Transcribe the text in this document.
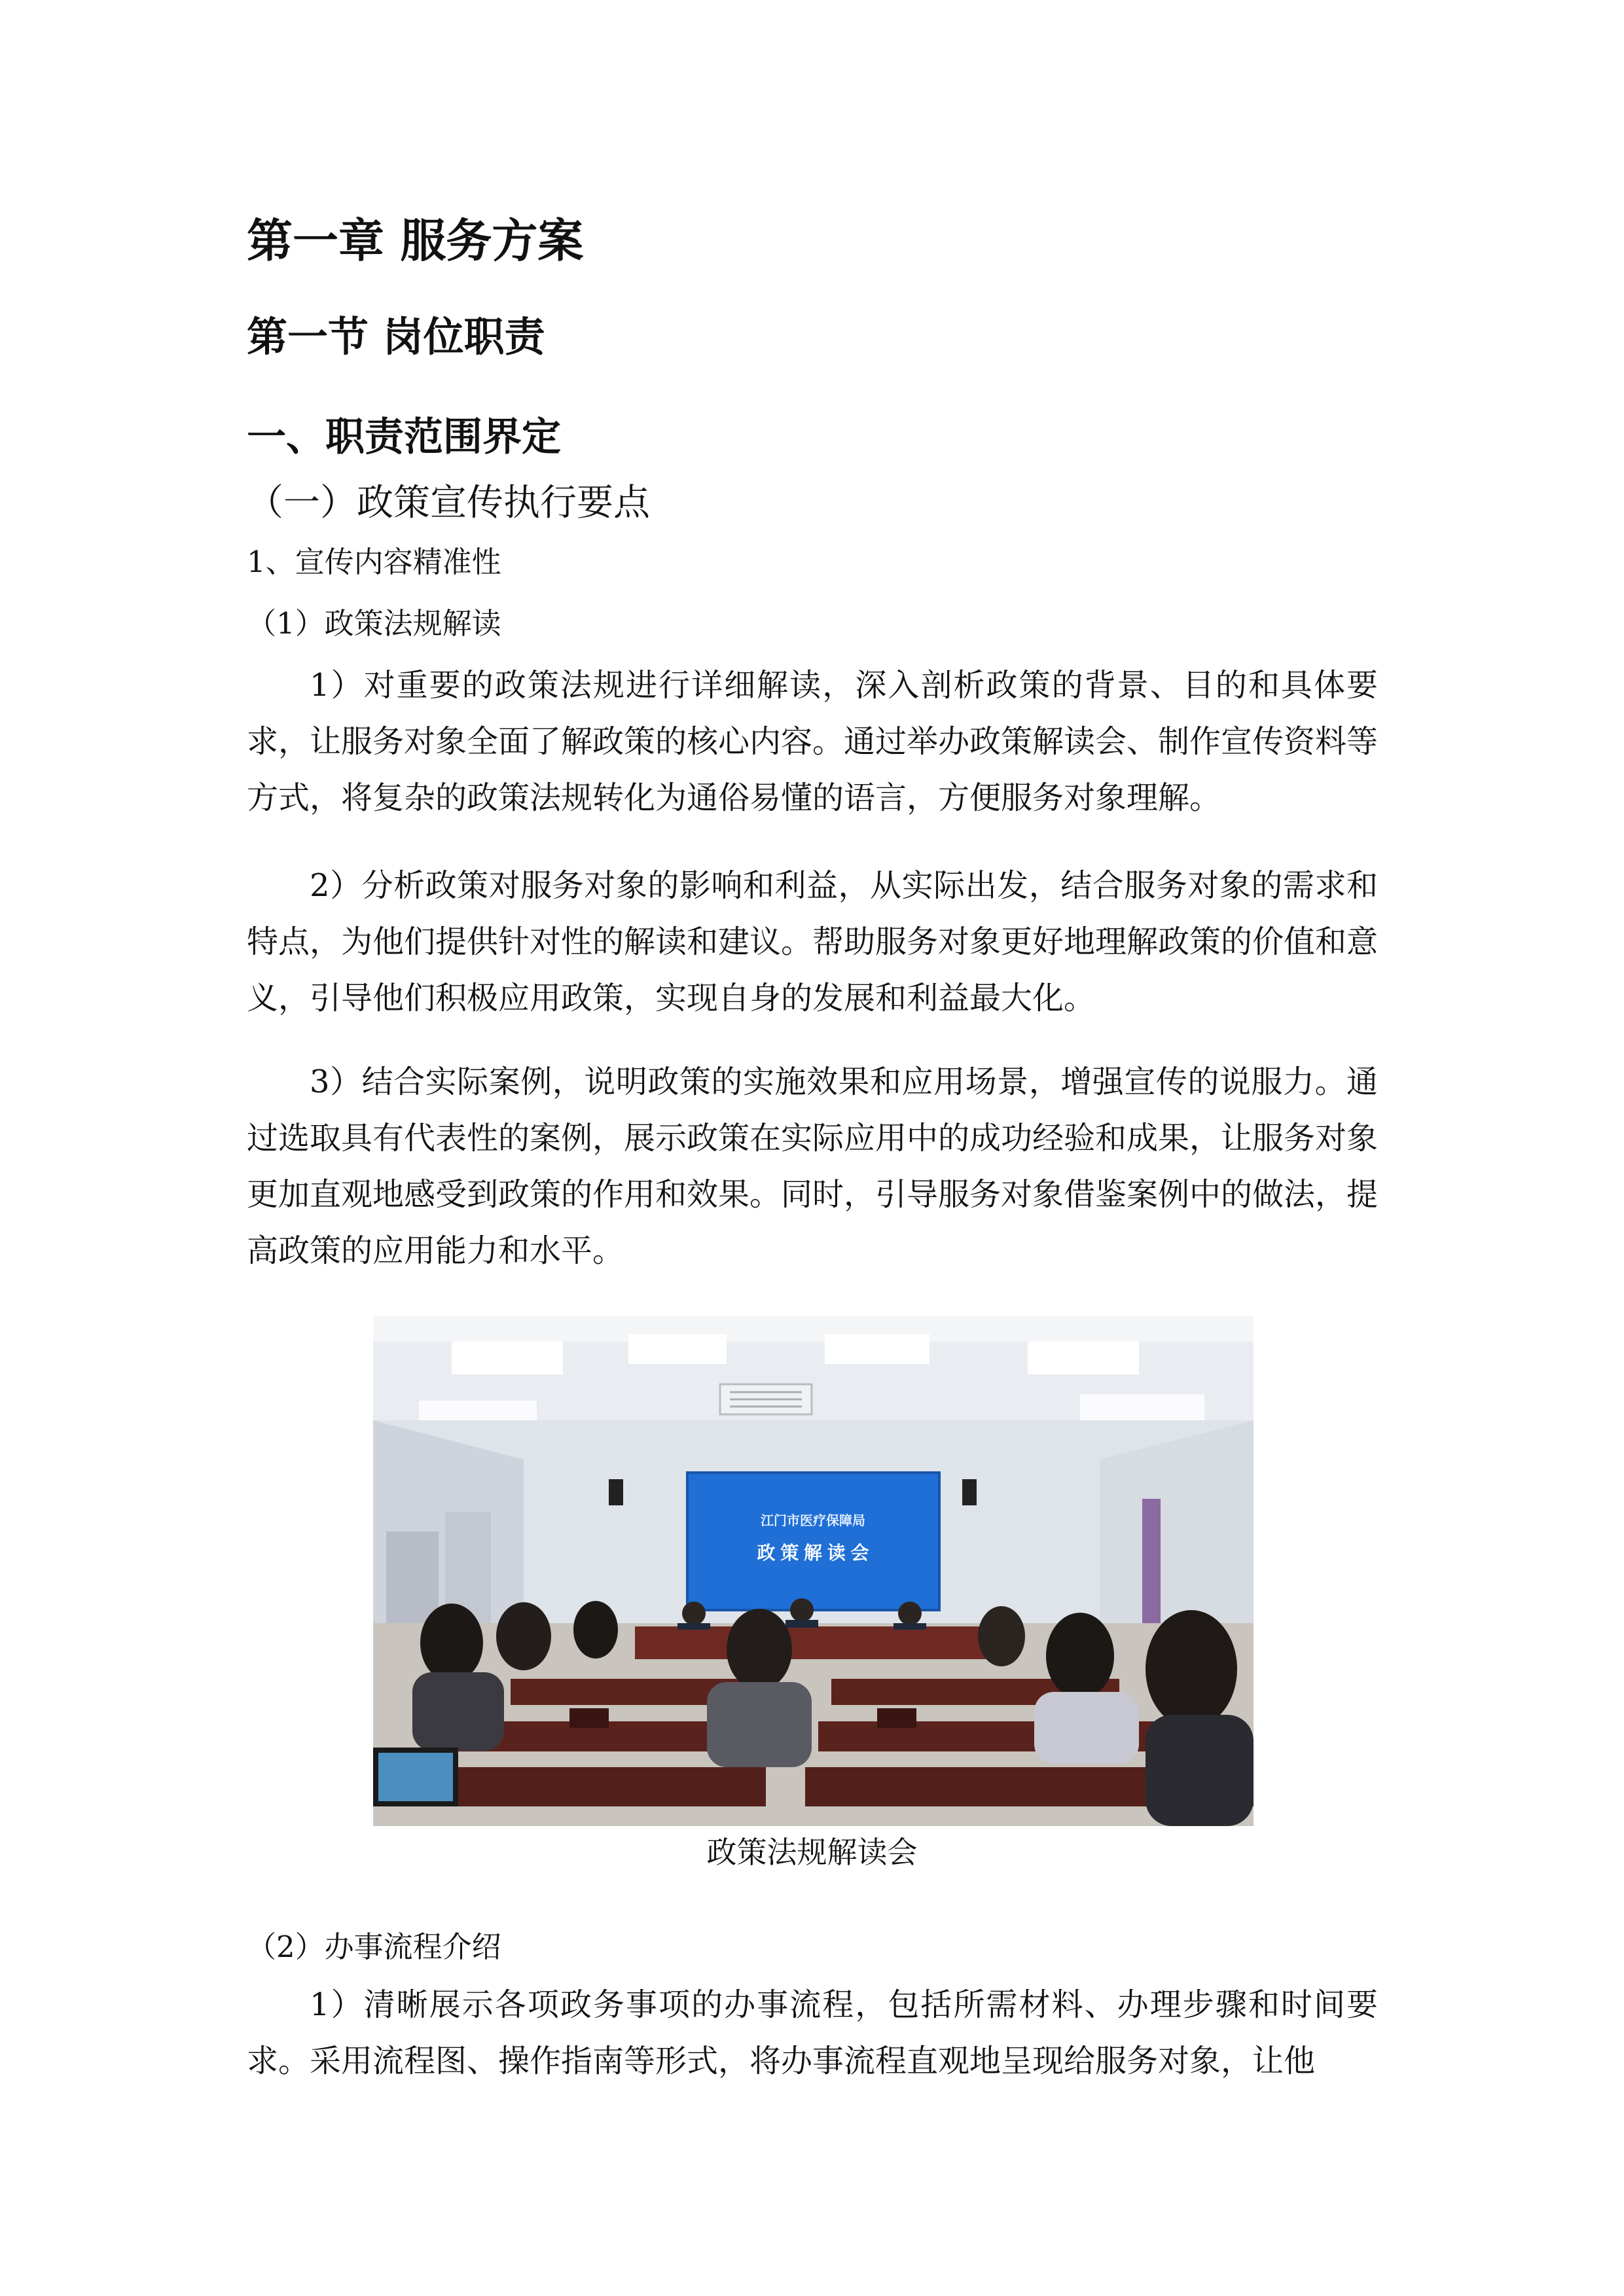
第一章 服务方案
第一节 岗位职责
一、职责范围界定
（一）政策宣传执行要点
1、宣传内容精准性
（1）政策法规解读

1）对重要的政策法规进行详细解读，深入剖析政策的背景、目的和具体要求，让服务对象全面了解政策的核心内容。通过举办政策解读会、制作宣传资料等方式，将复杂的政策法规转化为通俗易懂的语言，方便服务对象理解。

2）分析政策对服务对象的影响和利益，从实际出发，结合服务对象的需求和特点，为他们提供针对性的解读和建议。帮助服务对象更好地理解政策的价值和意义，引导他们积极应用政策，实现自身的发展和利益最大化。

3）结合实际案例，说明政策的实施效果和应用场景，增强宣传的说服力。通过选取具有代表性的案例，展示政策在实际应用中的成功经验和成果，让服务对象更加直观地感受到政策的作用和效果。同时，引导服务对象借鉴案例中的做法，提高政策的应用能力和水平。

江门市医疗保障局
政 策 解 读 会

政策法规解读会

（2）办事流程介绍

1）清晰展示各项政务事项的办事流程，包括所需材料、办理步骤和时间要求。采用流程图、操作指南等形式，将办事流程直观地呈现给服务对象，让他
